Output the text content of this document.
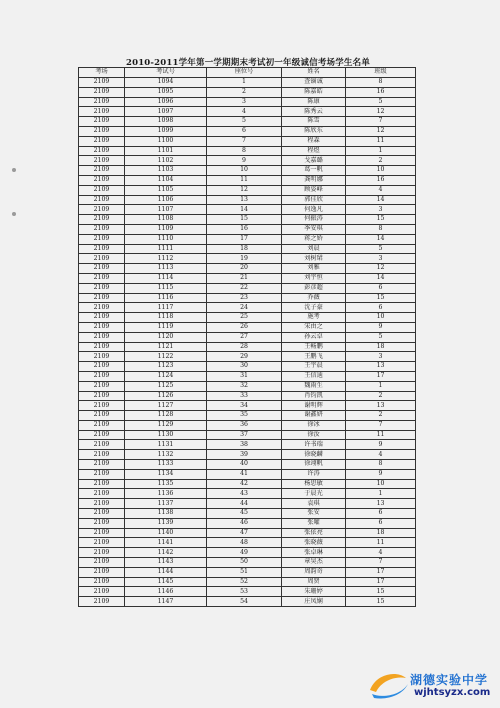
2010-2011学年第一学期期末考试初一年级诚信考场学生名单
考场	考试号	座位号	姓名	班级
2109	1094	1	查镝诚	8
2109	1095	2	陈嘉皓	16
2109	1096	3	陈康	5
2109	1097	4	陈秀云	12
2109	1098	5	陈雪	7
2109	1099	6	陈欣东	12
2109	1100	7	程森	11
2109	1101	8	程煜	1
2109	1102	9	戈嘉璐	2
2109	1103	10	葛一帆	10
2109	1104	11	龚明娜	16
2109	1105	12	顾姿峰	4
2109	1106	13	郭佳欣	14
2109	1107	14	何逸凡	3
2109	1108	15	何振涛	15
2109	1109	16	季安琪	8
2109	1110	17	蒋之娇	14
2109	1111	18	刘晨	5
2109	1112	19	刘树珺	3
2109	1113	20	刘雅	12
2109	1114	21	刘宇恒	14
2109	1115	22	彭彦超	6
2109	1116	23	乔薇	15
2109	1117	24	沈子豪	6
2109	1118	25	施考	10
2109	1119	26	宋由之	9
2109	1120	27	孙云卓	5
2109	1121	28	王畅鹏	18
2109	1122	29	王鹏飞	3
2109	1123	30	王宇晨	13
2109	1124	31	王信迪	17
2109	1125	32	魏雨生	1
2109	1126	33	肖钧凯	2
2109	1127	34	谢明辉	13
2109	1128	35	谢鑫妍	2
2109	1129	36	徐冰	7
2109	1130	37	徐汝	11
2109	1131	38	许书瑞	9
2109	1132	39	徐晓麟	4
2109	1133	40	徐翊帆	8
2109	1134	41	许涛	9
2109	1135	42	杨思敏	10
2109	1136	43	于晨光	1
2109	1137	44	袁琪	13
2109	1138	45	张安	6
2109	1139	46	张曜	6
2109	1140	47	张依亮	18
2109	1141	48	张晓薇	11
2109	1142	49	张卓琳	4
2109	1143	50	章昊杰	7
2109	1144	51	周韵奇	17
2109	1145	52	周贤	17
2109	1146	53	朱珊婷	15
2109	1147	54	庄凤娴	15
湖德实验中学
wjhtsyzx.com
